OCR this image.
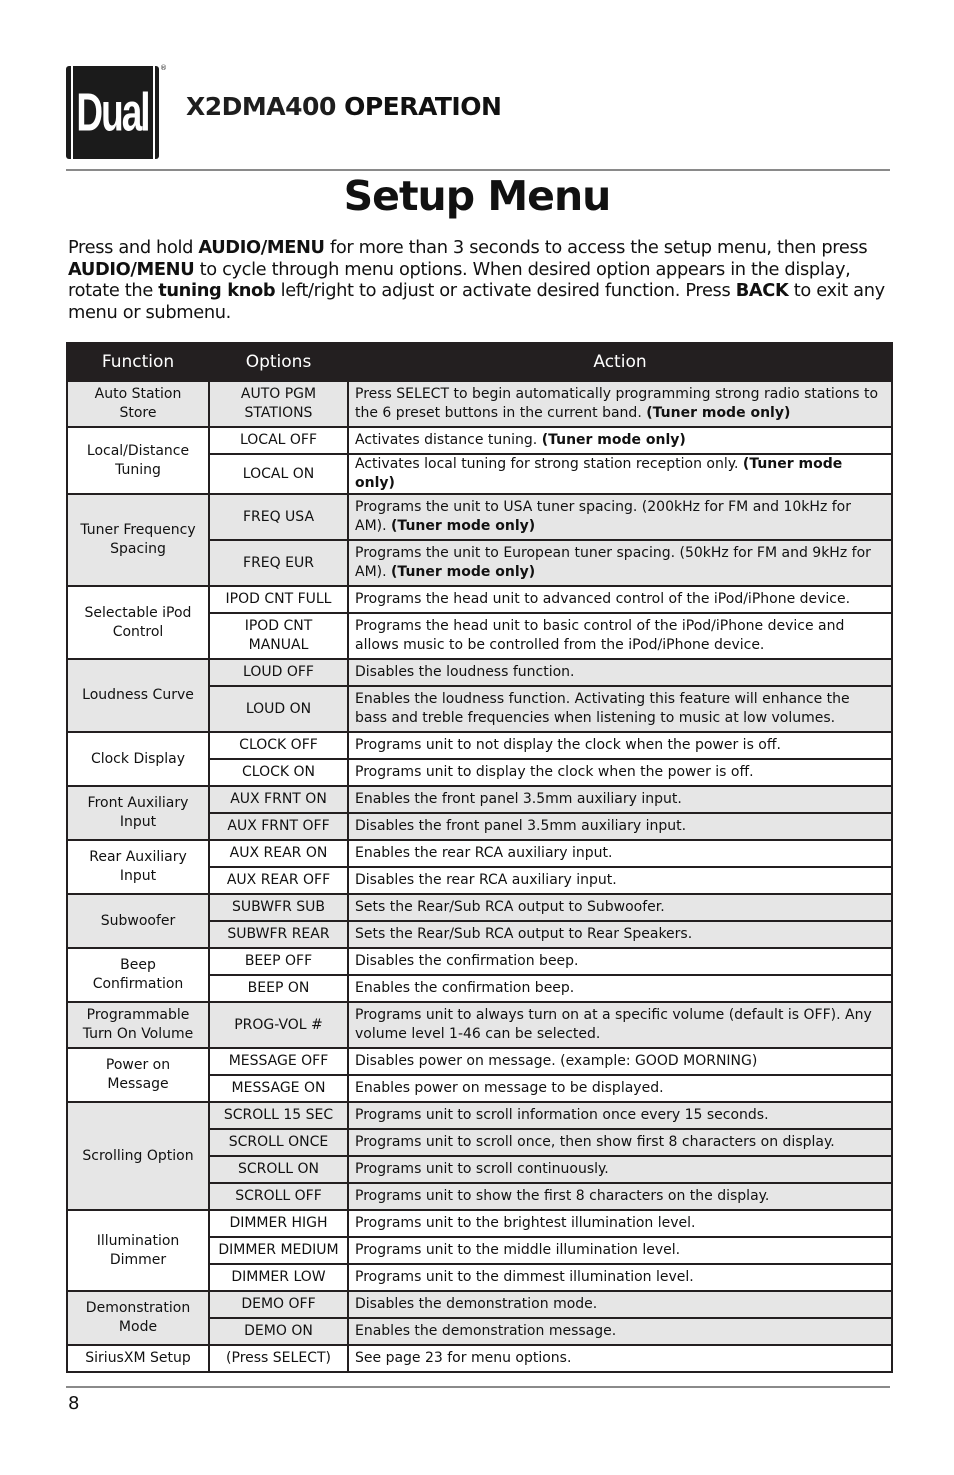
Dual
®
X2DMA400 OPERATION
Setup Menu
Press and hold AUDIO/MENU for more than 3 seconds to access the setup menu, then press AUDIO/MENU to cycle through menu options. When desired option appears in the display, rotate the tuning knob left/right to adjust or activate desired function. Press BACK to exit any menu or submenu.
Function	Options	Action
Auto Station Store	AUTO PGM STATIONS	Press SELECT to begin automatically programming strong radio stations to the 6 preset buttons in the current band. (Tuner mode only)
Local/Distance Tuning	LOCAL OFF	Activates distance tuning. (Tuner mode only)
	LOCAL ON	Activates local tuning for strong station reception only. (Tuner mode only)
Tuner Frequency Spacing	FREQ USA	Programs the unit to USA tuner spacing. (200kHz for FM and 10kHz for AM). (Tuner mode only)
	FREQ EUR	Programs the unit to European tuner spacing. (50kHz for FM and 9kHz for AM). (Tuner mode only)
Selectable iPod Control	IPOD CNT FULL	Programs the head unit to advanced control of the iPod/iPhone device.
	IPOD CNT MANUAL	Programs the head unit to basic control of the iPod/iPhone device and allows music to be controlled from the iPod/iPhone device.
Loudness Curve	LOUD OFF	Disables the loudness function.
	LOUD ON	Enables the loudness function. Activating this feature will enhance the bass and treble frequencies when listening to music at low volumes.
Clock Display	CLOCK OFF	Programs unit to not display the clock when the power is off.
	CLOCK ON	Programs unit to display the clock when the power is off.
Front Auxiliary Input	AUX FRNT ON	Enables the front panel 3.5mm auxiliary input.
	AUX FRNT OFF	Disables the front panel 3.5mm auxiliary input.
Rear Auxiliary Input	AUX REAR ON	Enables the rear RCA auxiliary input.
	AUX REAR OFF	Disables the rear RCA auxiliary input.
Subwoofer	SUBWFR SUB	Sets the Rear/Sub RCA output to Subwoofer.
	SUBWFR REAR	Sets the Rear/Sub RCA output to Rear Speakers.
Beep Confirmation	BEEP OFF	Disables the confirmation beep.
	BEEP ON	Enables the confirmation beep.
Programmable Turn On Volume	PROG-VOL #	Programs unit to always turn on at a specific volume (default is OFF). Any volume level 1-46 can be selected.
Power on Message	MESSAGE OFF	Disables power on message. (example: GOOD MORNING)
	MESSAGE ON	Enables power on message to be displayed.
Scrolling Option	SCROLL 15 SEC	Programs unit to scroll information once every 15 seconds.
	SCROLL ONCE	Programs unit to scroll once, then show first 8 characters on display.
	SCROLL ON	Programs unit to scroll continuously.
	SCROLL OFF	Programs unit to show the first 8 characters on the display.
Illumination Dimmer	DIMMER HIGH	Programs unit to the brightest illumination level.
	DIMMER MEDIUM	Programs unit to the middle illumination level.
	DIMMER LOW	Programs unit to the dimmest illumination level.
Demonstration Mode	DEMO OFF	Disables the demonstration mode.
	DEMO ON	Enables the demonstration message.
SiriusXM Setup	(Press SELECT)	See page 23 for menu options.
8
